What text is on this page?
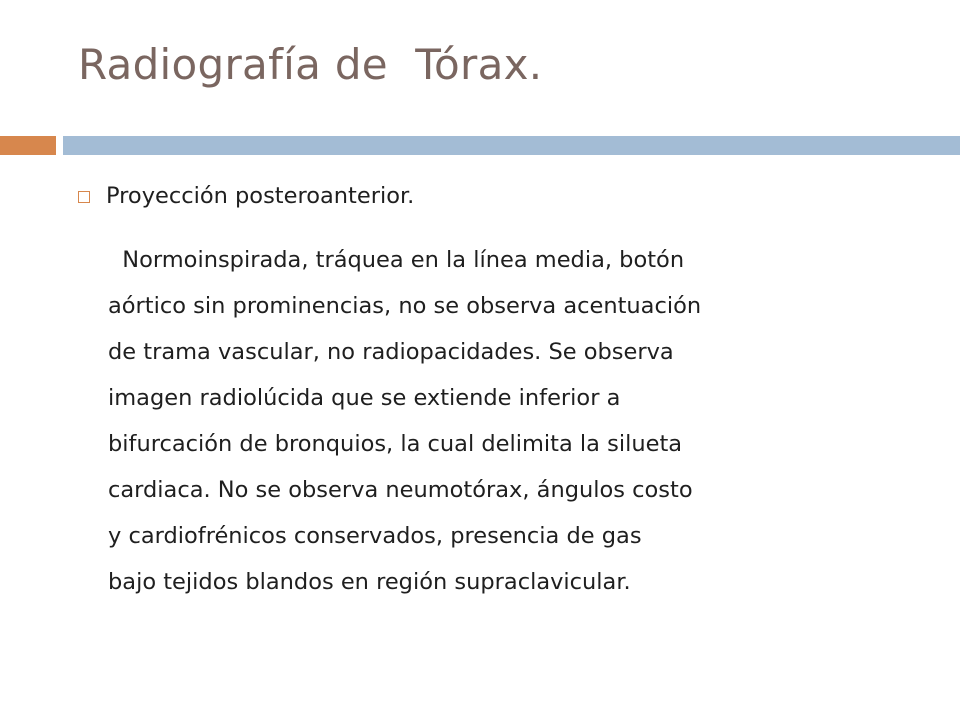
Radiografía de  Tórax.
Proyección posteroanterior.
Normoinspirada, tráquea en la línea media, botón
aórtico sin prominencias, no se observa acentuación
de trama vascular, no radiopacidades. Se observa
imagen radiolúcida que se extiende inferior a
bifurcación de bronquios, la cual delimita la silueta
cardiaca. No se observa neumotórax, ángulos costo
y cardiofrénicos conservados, presencia de gas
bajo tejidos blandos en región supraclavicular.
